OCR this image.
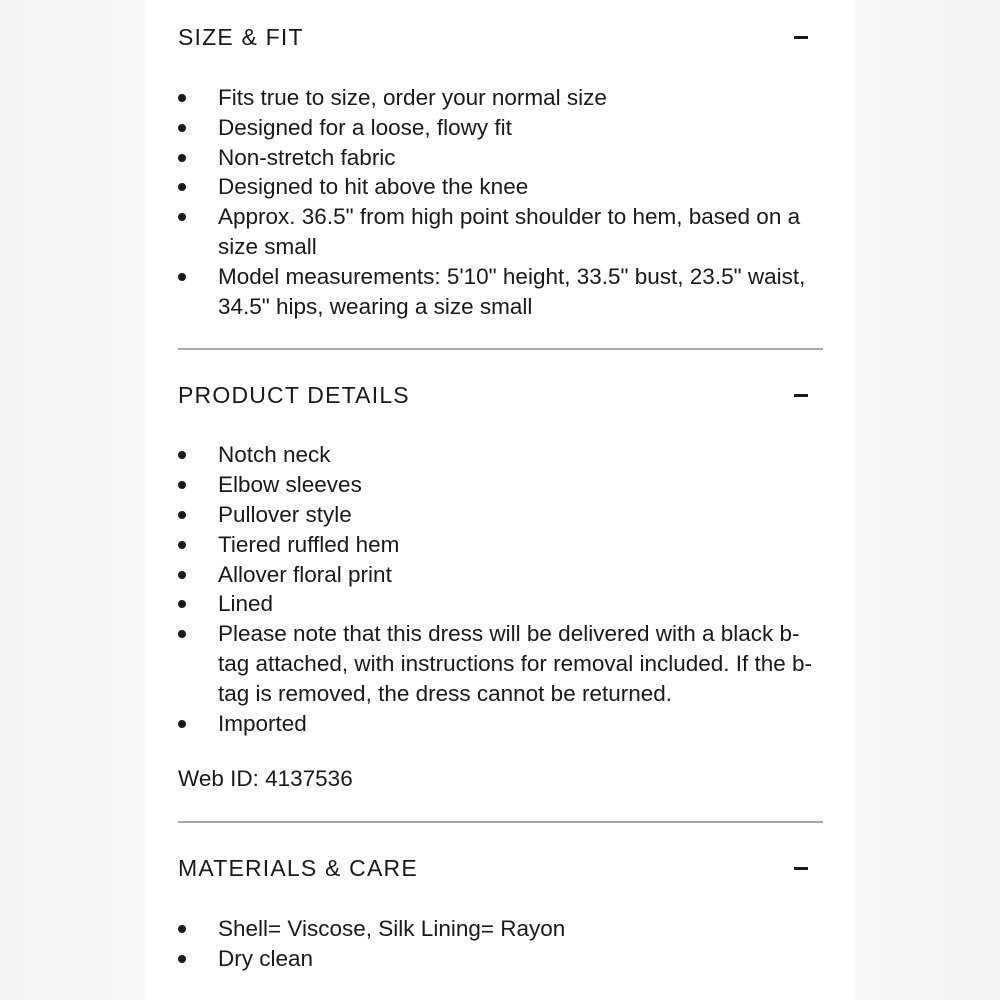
SIZE & FIT
Fits true to size, order your normal size
Designed for a loose, flowy fit
Non-stretch fabric
Designed to hit above the knee
Approx. 36.5" from high point shoulder to hem, based on a size small
Model measurements: 5'10" height, 33.5" bust, 23.5" waist, 34.5" hips, wearing a size small
PRODUCT DETAILS
Notch neck
Elbow sleeves
Pullover style
Tiered ruffled hem
Allover floral print
Lined
Please note that this dress will be delivered with a black b-tag attached, with instructions for removal included. If the b-tag is removed, the dress cannot be returned.
Imported
Web ID: 4137536
MATERIALS & CARE
Shell= Viscose, Silk Lining= Rayon
Dry clean
